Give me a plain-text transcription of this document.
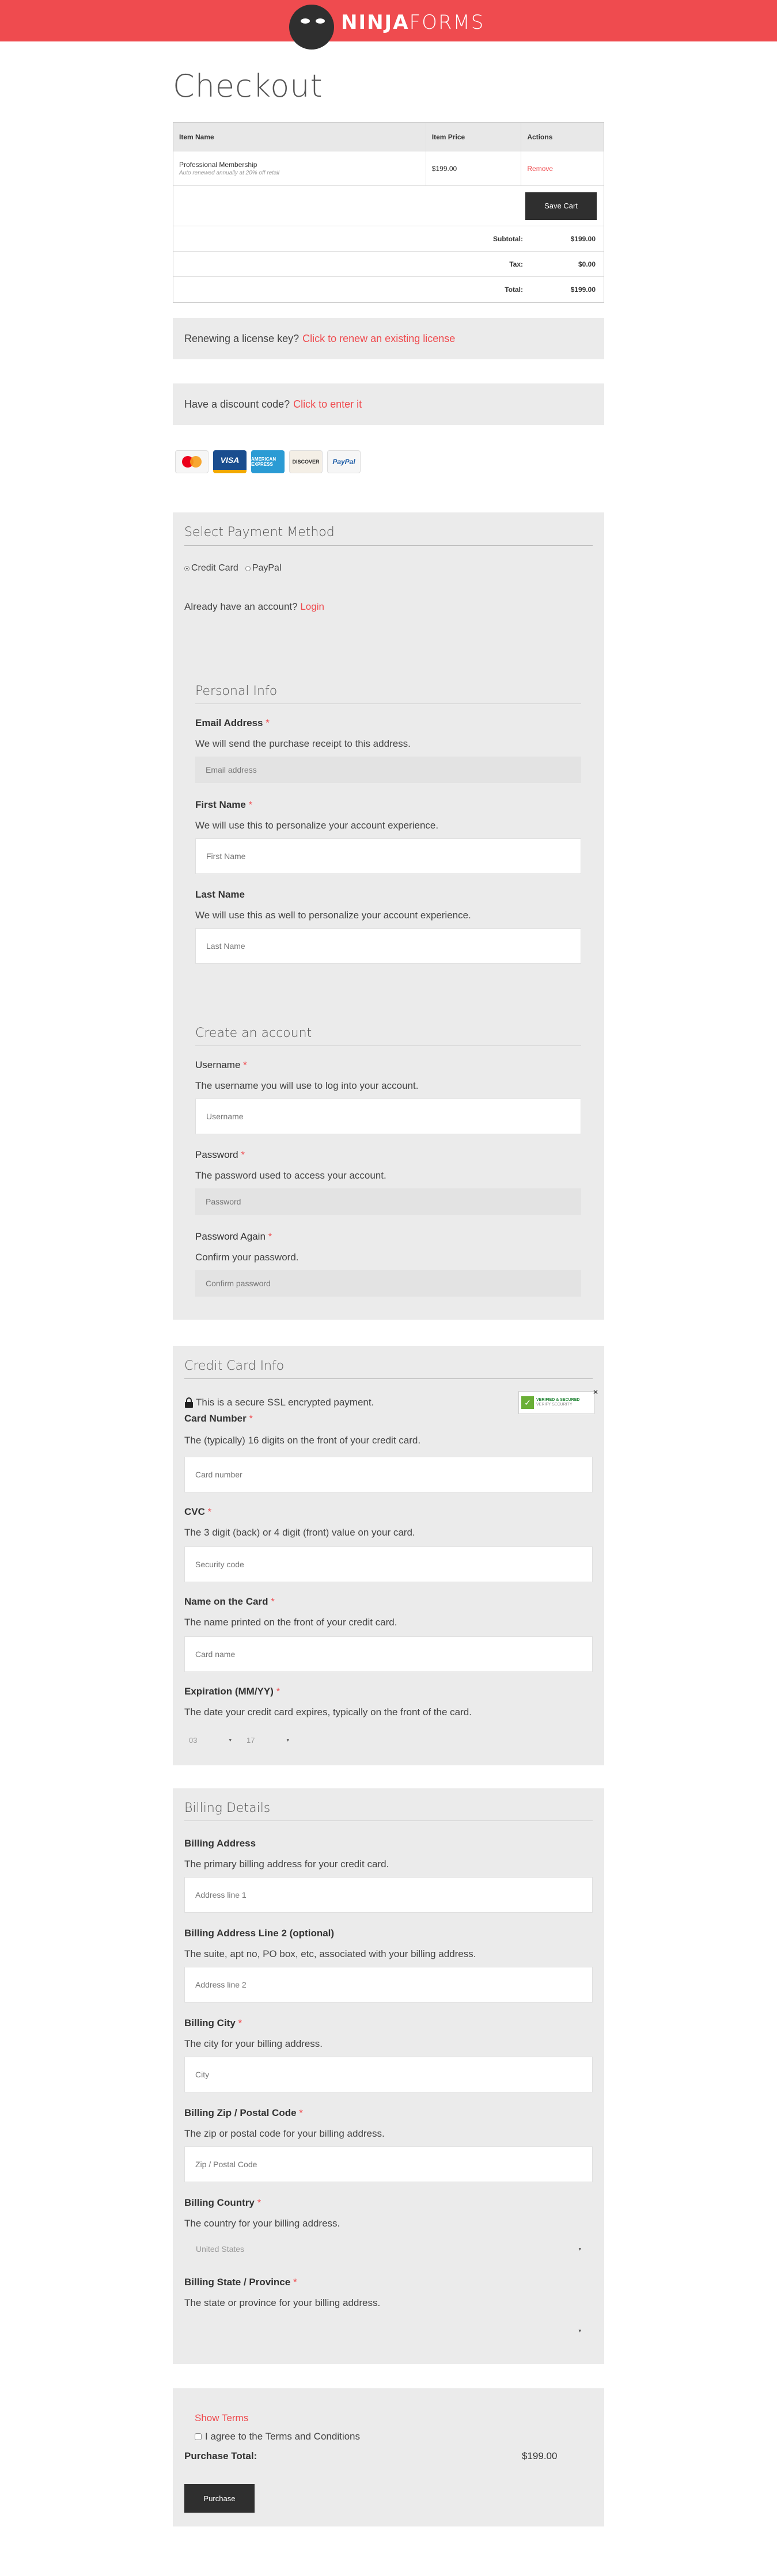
NINJAFORMS
Checkout
Item Name	Item Price	Actions
Professional Membership
Auto renewed annually at 20% off retail
$199.00	Remove
Save Cart
Subtotal:	$199.00
Tax:	$0.00
Total:	$199.00
Renewing a license key? Click to renew an existing license
Have a discount code? Click to enter it
VISA	AMERICAN EXPRESS	DISCOVER	PayPal
Select Payment Method
Credit Card PayPal
Already have an account? Login
Personal Info
Email Address *
We will send the purchase receipt to this address.
Email address
First Name *
We will use this to personalize your account experience.
First Name
Last Name
We will use this as well to personalize your account experience.
Last Name
Create an account
Username *
The username you will use to log into your account.
Username
Password *
The password used to access your account.
Password Again *
Confirm your password.
Credit Card Info
This is a secure SSL encrypted payment.	✓	VERIFIED & SECURED
VERIFY SECURITY
✕
Card Number *
The (typically) 16 digits on the front of your credit card.
Card number
CVC *
The 3 digit (back) or 4 digit (front) value on your card.
Security code
Name on the Card *
The name printed on the front of your credit card.
Card name
Expiration (MM/YY) *
The date your credit card expires, typically on the front of the card.
03	▾ 17	▾
Billing Details
Billing Address
The primary billing address for your credit card.
Address line 1
Billing Address Line 2 (optional)
The suite, apt no, PO box, etc, associated with your billing address.
Address line 2
Billing City *
The city for your billing address.
City
Billing Zip / Postal Code *
The zip or postal code for your billing address.
Zip / Postal Code
Billing Country *
The country for your billing address.
United States	▾
Billing State / Province *
The state or province for your billing address.
▾
Show Terms
I agree to the Terms and Conditions
Purchase Total:	$199.00
Purchase
